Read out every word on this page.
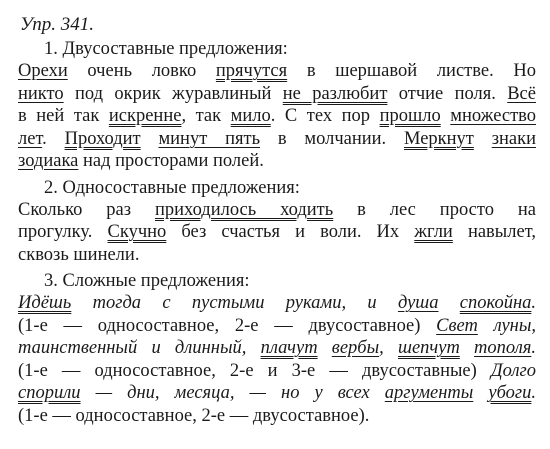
Упр. 341.
1. Двусоставные предложения:
Орехи очень ловко прячутся в шершавой листве. Но
никто под окрик журавлиный не разлюбит отчие поля. Всё
в ней так искренне, так мило. С тех пор прошло множество
лет. Проходит минут пять в молчании. Меркнут знаки
зодиака над просторами полей.
2. Односоставные предложения:
Сколько раз приходилось ходить в лес просто на
прогулку. Скучно без счастья и воли. Их жгли навылет,
сквозь шинели.
3. Сложные предложения:
Идёшь тогда с пустыми руками, и душа спокойна.
(1-е — односоставное, 2-е — двусоставное) Свет луны,
таинственный и длинный, плачут вербы, шепчут тополя.
(1-е — односоставное, 2-е и 3-е — двусоставные) Долго
спорили — дни, месяца, — но у всех аргументы убоги.
(1-е — односоставное, 2-е — двусоставное).
